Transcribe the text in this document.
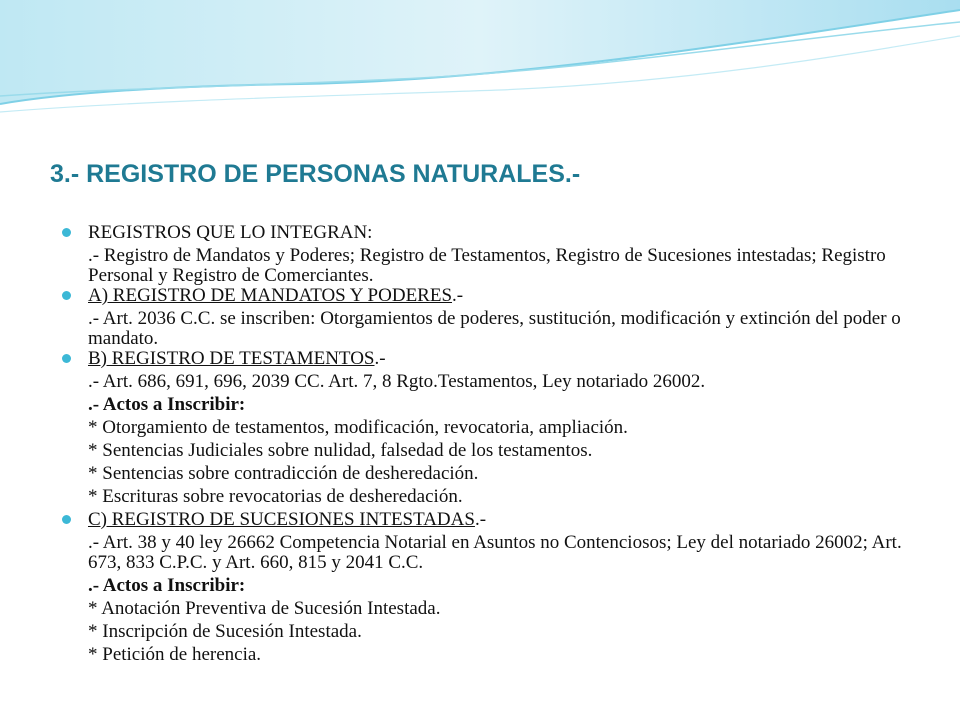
3.- REGISTRO DE PERSONAS NATURALES.-
REGISTROS QUE LO INTEGRAN:
.- Registro de Mandatos y Poderes; Registro de Testamentos, Registro de Sucesiones intestadas; Registro Personal y Registro de Comerciantes.
A) REGISTRO DE MANDATOS Y PODERES.-
.- Art. 2036 C.C. se inscriben: Otorgamientos de poderes, sustitución, modificación y extinción del poder o mandato.
B) REGISTRO DE TESTAMENTOS.-
.- Art. 686, 691, 696, 2039 CC. Art. 7, 8 Rgto.Testamentos, Ley notariado 26002.
.- Actos a Inscribir:
* Otorgamiento de testamentos, modificación, revocatoria, ampliación.
* Sentencias Judiciales sobre nulidad, falsedad de los testamentos.
* Sentencias sobre contradicción de desheredación.
* Escrituras sobre revocatorias de desheredación.
C) REGISTRO DE SUCESIONES INTESTADAS.-
.- Art. 38 y 40 ley 26662 Competencia Notarial en Asuntos no Contenciosos; Ley del notariado 26002; Art. 673, 833 C.P.C. y Art. 660, 815 y 2041 C.C.
.- Actos a Inscribir:
* Anotación Preventiva de Sucesión Intestada.
* Inscripción de Sucesión Intestada.
* Petición de herencia.
